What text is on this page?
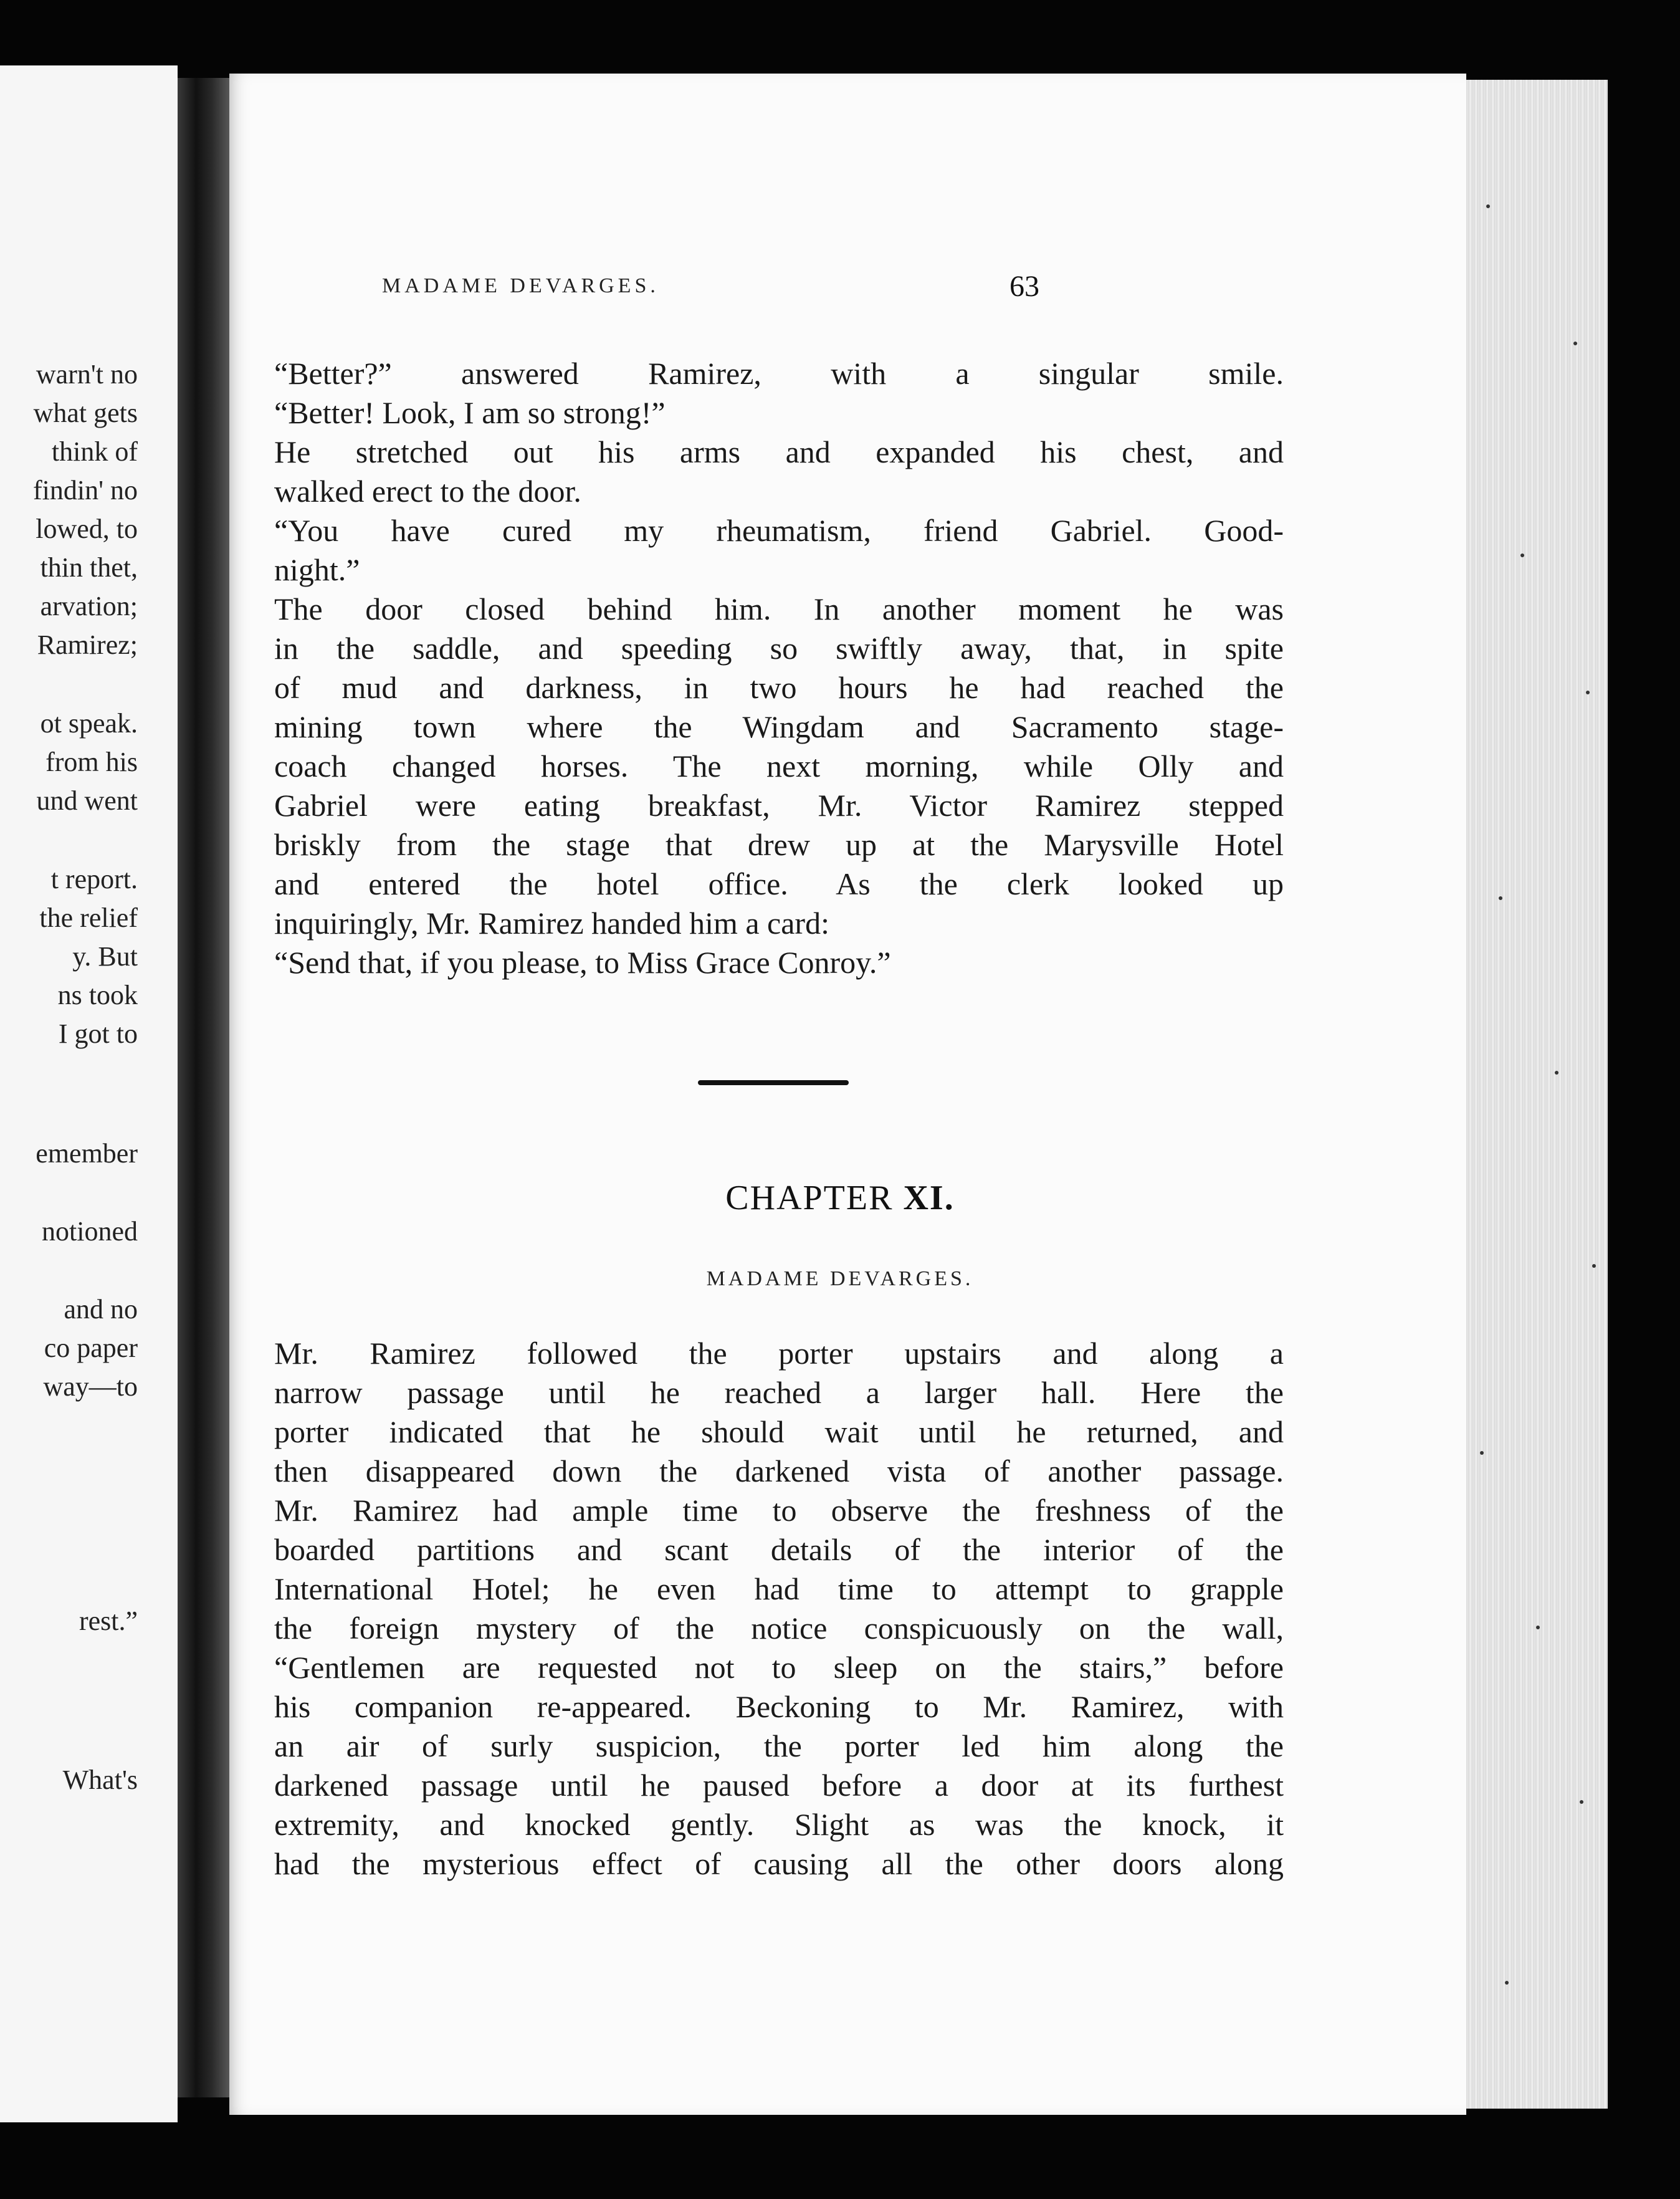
warn't no
what gets
think of
findin' no
lowed, to
thin thet,
arvation;
Ramirez;
ot speak.
from his
und went
t report.
the relief
y. But
ns took
I got to
emember
notioned
and no
co paper
way—to
rest.”
What's
MADAME DEVARGES.	63
“Better?” answered Ramirez, with a singular smile.
“Better! Look, I am so strong!”
He stretched out his arms and expanded his chest, and
walked erect to the door.
“You have cured my rheumatism, friend Gabriel. Good-
night.”
The door closed behind him. In another moment he was
in the saddle, and speeding so swiftly away, that, in spite
of mud and darkness, in two hours he had reached the
mining town where the Wingdam and Sacramento stage-
coach changed horses. The next morning, while Olly and
Gabriel were eating breakfast, Mr. Victor Ramirez stepped
briskly from the stage that drew up at the Marysville Hotel
and entered the hotel office. As the clerk looked up
inquiringly, Mr. Ramirez handed him a card:
“Send that, if you please, to Miss Grace Conroy.”
CHAPTER XI.
MADAME DEVARGES.
Mr. Ramirez followed the porter upstairs and along a
narrow passage until he reached a larger hall. Here the
porter indicated that he should wait until he returned, and
then disappeared down the darkened vista of another passage.
Mr. Ramirez had ample time to observe the freshness of the
boarded partitions and scant details of the interior of the
International Hotel; he even had time to attempt to grapple
the foreign mystery of the notice conspicuously on the wall,
“Gentlemen are requested not to sleep on the stairs,” before
his companion re-appeared. Beckoning to Mr. Ramirez, with
an air of surly suspicion, the porter led him along the
darkened passage until he paused before a door at its furthest
extremity, and knocked gently. Slight as was the knock, it
had the mysterious effect of causing all the other doors along
